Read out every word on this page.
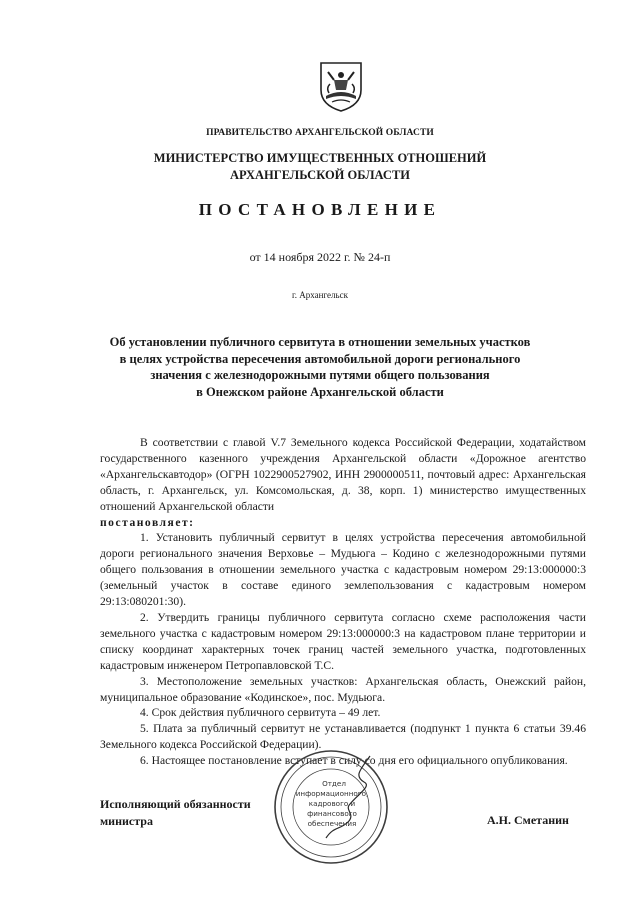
ПРАВИТЕЛЬСТВО АРХАНГЕЛЬСКОЙ ОБЛАСТИ
МИНИСТЕРСТВО ИМУЩЕСТВЕННЫХ ОТНОШЕНИЙ
АРХАНГЕЛЬСКОЙ ОБЛАСТИ
ПОСТАНОВЛЕНИЕ
от 14 ноября 2022 г. № 24-п
г. Архангельск
Об установлении публичного сервитута в отношении земельных участков
в целях устройства пересечения автомобильной дороги регионального
значения с железнодорожными путями общего пользования
в Онежском районе Архангельской области

В соответствии с главой V.7 Земельного кодекса Российской Федерации, ходатайством государственного казенного учреждения Архангельской области «Дорожное агентство «Архангельскавтодор» (ОГРН 1022900527902, ИНН 2900000511, почтовый адрес: Архангельская область, г. Архангельск, ул. Комсомольская, д. 38, корп. 1) министерство имущественных отношений Архангельской области

постановляет:

1. Установить публичный сервитут в целях устройства пересечения автомобильной дороги регионального значения Верховье – Мудьюга – Кодино с железнодорожными путями общего пользования в отношении земельного участка с кадастровым номером 29:13:000000:3 (земельный участок в составе единого землепользования с кадастровым номером 29:13:080201:30).

2. Утвердить границы публичного сервитута согласно схеме расположения части земельного участка с кадастровым номером 29:13:000000:3 на кадастровом плане территории и списку координат характерных точек границ частей земельного участка, подготовленных кадастровым инженером Петропавловской Т.С.

3. Местоположение земельных участков: Архангельская область, Онежский район, муниципальное образование «Кодинское», пос. Мудьюга.

4. Срок действия публичного сервитута – 49 лет.

5. Плата за публичный сервитут не устанавливается (подпункт 1 пункта 6 статьи 39.46 Земельного кодекса Российской Федерации).

6. Настоящее постановление вступает в силу со дня его официального опубликования.

Исполняющий обязанности
министра	А.Н. Сметанин
Отдел
информационного,
кадрового и
финансового
обеспечения
